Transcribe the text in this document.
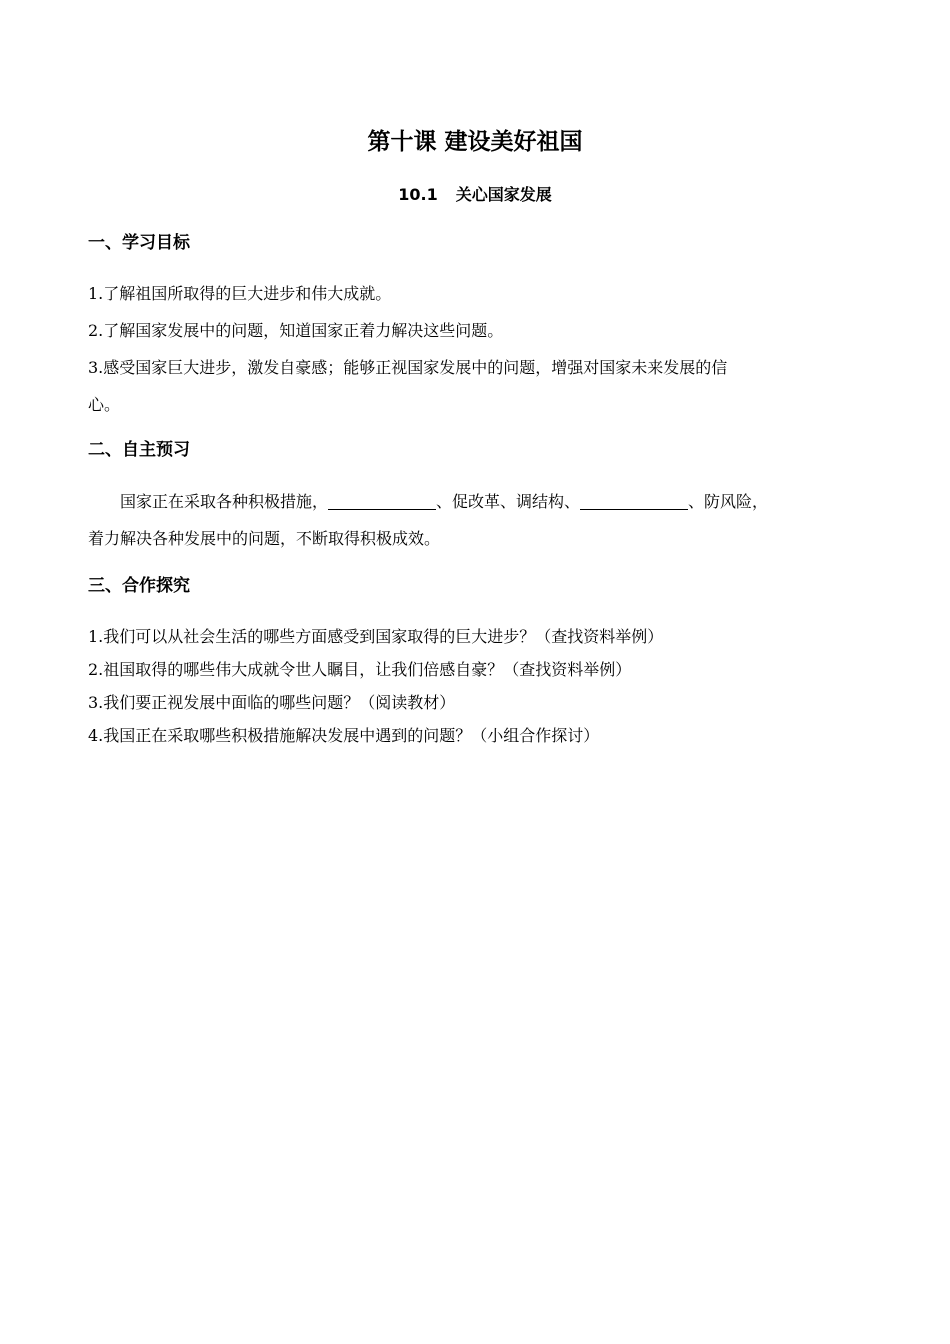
第十课 建设美好祖国
10.1 关心国家发展
一、学习目标
1.了解祖国所取得的巨大进步和伟大成就。
2.了解国家发展中的问题，知道国家正着力解决这些问题。
3.感受国家巨大进步，激发自豪感；能够正视国家发展中的问题，增强对国家未来发展的信
心。
二、自主预习
国家正在采取各种积极措施，	、促改革、调结构、	、防风险，
着力解决各种发展中的问题，不断取得积极成效。
三、合作探究
1.我们可以从社会生活的哪些方面感受到国家取得的巨大进步？（查找资料举例）
2.祖国取得的哪些伟大成就令世人瞩目，让我们倍感自豪？（查找资料举例）
3.我们要正视发展中面临的哪些问题？（阅读教材）
4.我国正在采取哪些积极措施解决发展中遇到的问题？（小组合作探讨）
